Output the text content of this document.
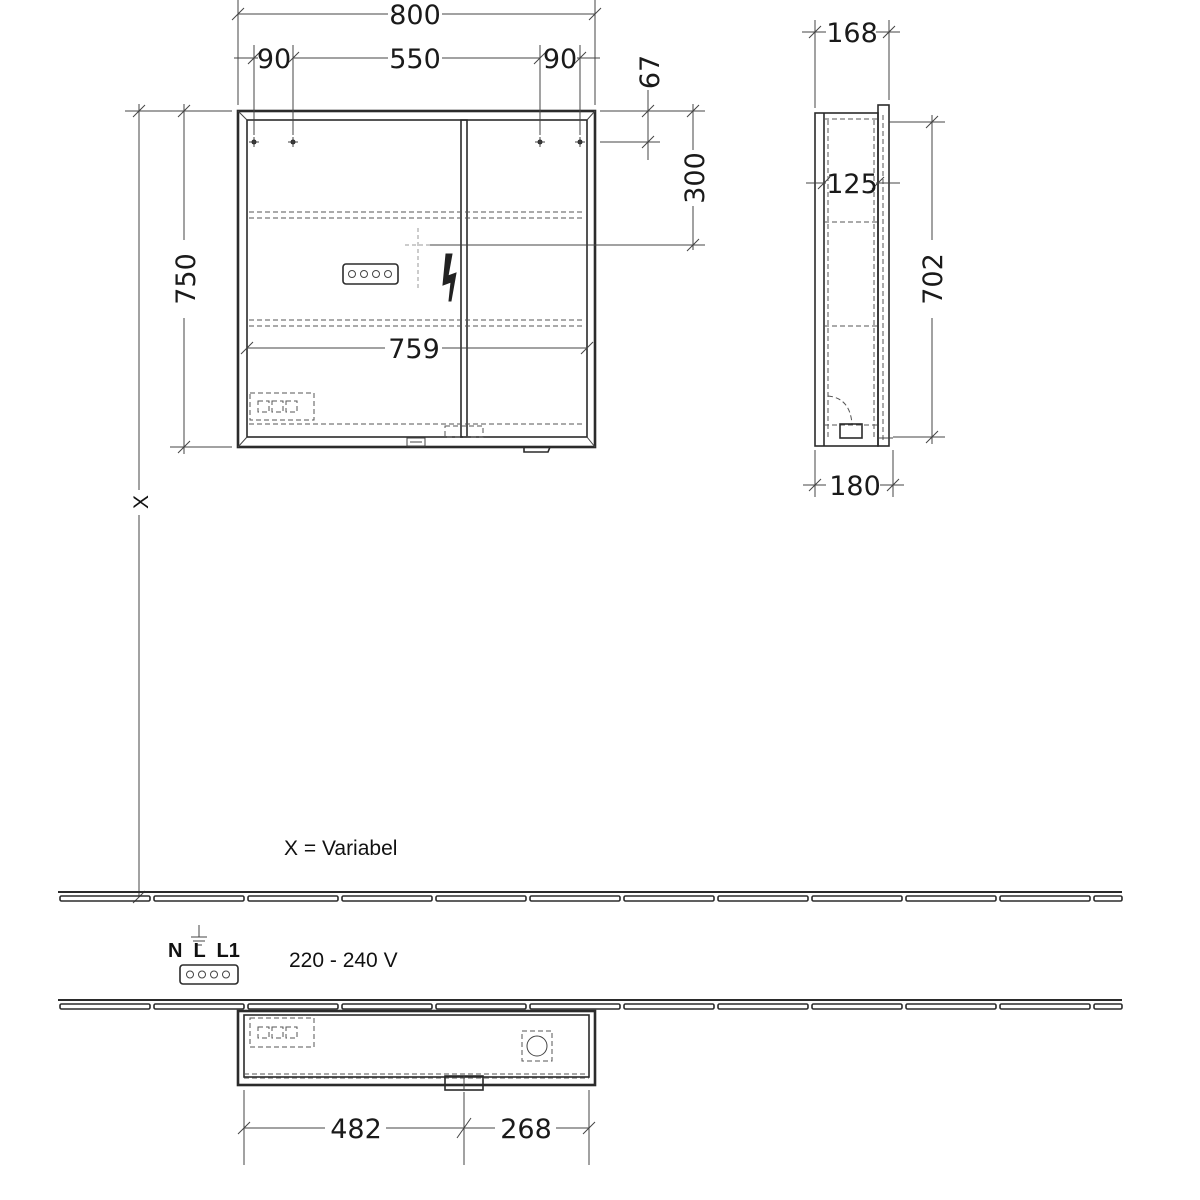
800
90	550	90 67
300
750
759
X
168
125
702
180
X = Variabel
N  L  L1 220 - 240 V
482	268
